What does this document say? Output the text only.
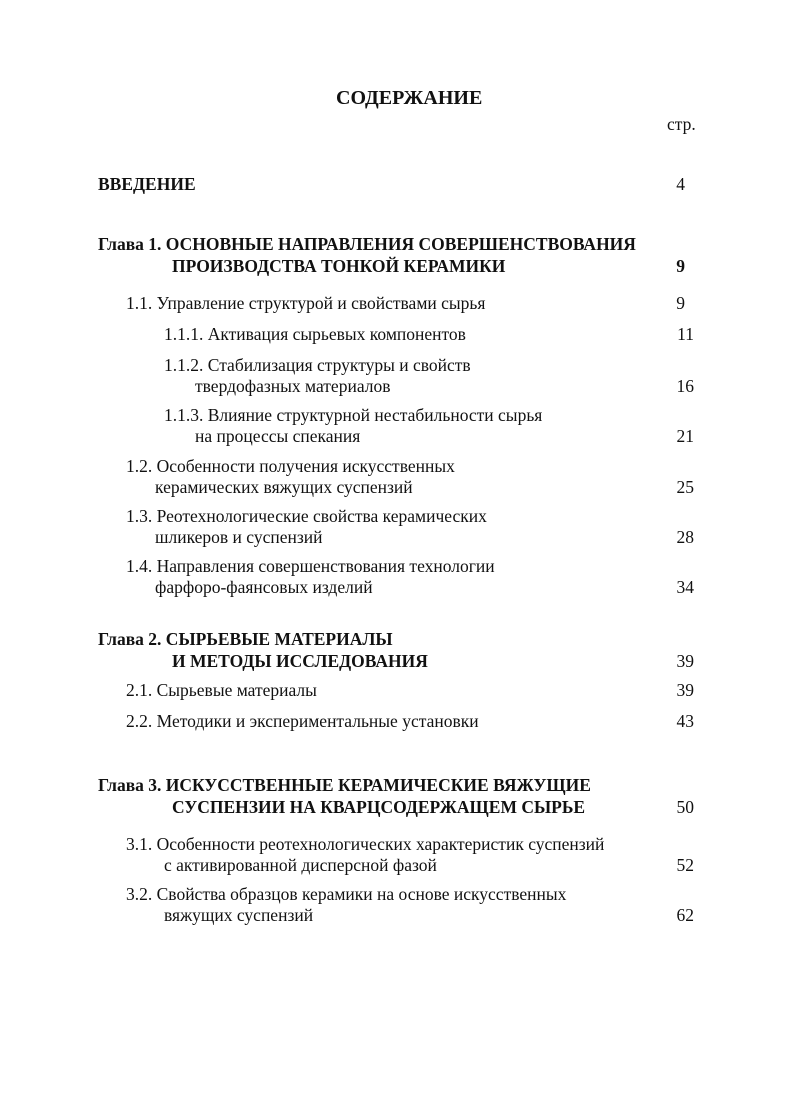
СОДЕРЖАНИЕ
стр.
ВВЕДЕНИЕ	4
Глава 1. ОСНОВНЫЕ НАПРАВЛЕНИЯ СОВЕРШЕНСТВОВАНИЯ
ПРОИЗВОДСТВА ТОНКОЙ КЕРАМИКИ	9
1.1. Управление структурой и свойствами сырья	9
1.1.1. Активация сырьевых компонентов	11
1.1.2. Стабилизация структуры и свойств
твердофазных материалов	16
1.1.3. Влияние структурной нестабильности сырья
на процессы спекания	21
1.2. Особенности получения искусственных
керамических вяжущих суспензий	25
1.3. Реотехнологические свойства керамических
шликеров и суспензий	28
1.4. Направления совершенствования технологии
фарфоро-фаянсовых изделий	34
Глава 2. СЫРЬЕВЫЕ МАТЕРИАЛЫ
И МЕТОДЫ ИССЛЕДОВАНИЯ	39
2.1. Сырьевые материалы	39
2.2. Методики и экспериментальные установки	43
Глава 3. ИСКУССТВЕННЫЕ КЕРАМИЧЕСКИЕ ВЯЖУЩИЕ
СУСПЕНЗИИ НА КВАРЦСОДЕРЖАЩЕМ СЫРЬЕ	50
3.1. Особенности реотехнологических характеристик суспензий
с активированной дисперсной фазой	52
3.2. Свойства образцов керамики на основе искусственных
вяжущих суспензий	62
